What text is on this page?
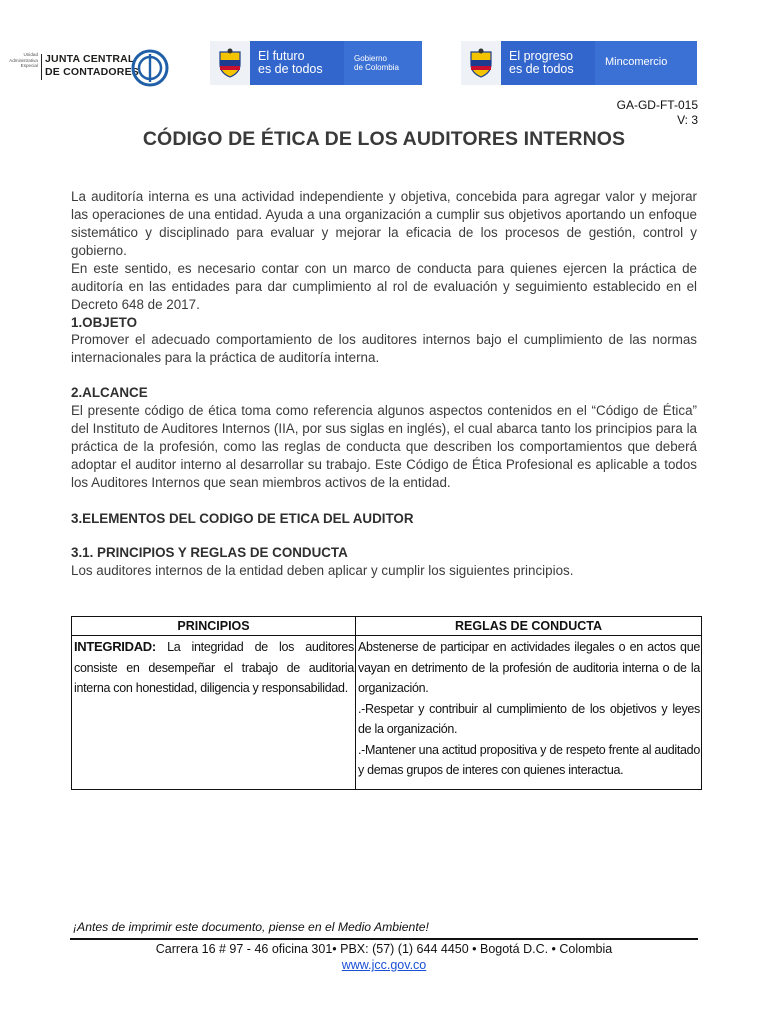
Unidad Administrativa Especial
JUNTA CENTRAL
DE CONTADORES
El futuro
es de todos
Gobierno
de Colombia
El progreso
es de todos	Mincomercio
GA-GD-FT-015
V: 3
CÓDIGO DE ÉTICA DE LOS AUDITORES INTERNOS
La auditoría interna es una actividad independiente y objetiva, concebida para agregar valor y mejorar las operaciones de una entidad. Ayuda a una organización a cumplir sus objetivos aportando un enfoque sistemático y disciplinado para evaluar y mejorar la eficacia de los procesos de gestión, control y gobierno.
En este sentido, es necesario contar con un marco de conducta para quienes ejercen la práctica de auditoría en las entidades para dar cumplimiento al rol de evaluación y seguimiento establecido en el Decreto 648 de 2017.
1.OBJETO
Promover el adecuado comportamiento de los auditores internos bajo el cumplimiento de las normas internacionales para la práctica de auditoría interna.
2.ALCANCE
El presente código de ética toma como referencia algunos aspectos contenidos en el “Código de Ética” del Instituto de Auditores Internos (IIA, por sus siglas en inglés), el cual abarca tanto los principios para la práctica de la profesión, como las reglas de conducta que describen los comportamientos que deberá adoptar el auditor interno al desarrollar su trabajo. Este Código de Ética Profesional es aplicable a todos los Auditores Internos que sean miembros activos de la entidad.
3.ELEMENTOS DEL CODIGO DE ETICA DEL AUDITOR
3.1. PRINCIPIOS Y REGLAS DE CONDUCTA
Los auditores internos de la entidad deben aplicar y cumplir los siguientes principios.
PRINCIPIOS	REGLAS DE CONDUCTA
INTEGRIDAD: La integridad de los auditores consiste en desempeñar el trabajo de auditoria interna con honestidad, diligencia y responsabilidad.	Abstenerse de participar en actividades ilegales o en actos que vayan en detrimento de la profesión de auditoria interna o de la organización.
.-Respetar y contribuir al cumplimiento de los objetivos y leyes de la organización.
.-Mantener una actitud propositiva y de respeto frente al auditado y demas grupos de interes con quienes interactua.
¡Antes de imprimir este documento, piense en el Medio Ambiente!
Carrera 16 # 97 - 46 oficina 301• PBX: (57) (1) 644 4450 • Bogotá D.C. • Colombia
www.jcc.gov.co
